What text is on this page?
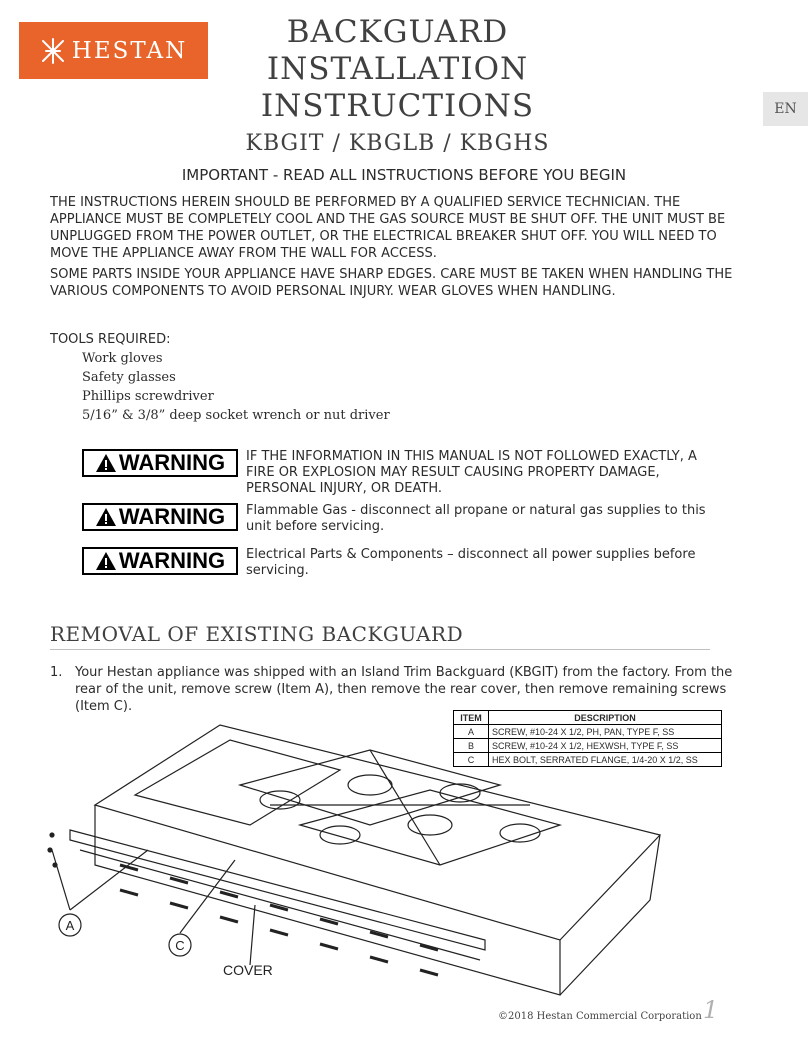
HESTAN
BACKGUARD
INSTALLATION
INSTRUCTIONS
KBGIT / KBGLB / KBGHS
EN
IMPORTANT - READ ALL INSTRUCTIONS BEFORE YOU BEGIN
THE INSTRUCTIONS HEREIN SHOULD BE PERFORMED BY A QUALIFIED SERVICE TECHNICIAN. THE APPLIANCE MUST BE COMPLETELY COOL AND THE GAS SOURCE MUST BE SHUT OFF. THE UNIT MUST BE UNPLUGGED FROM THE POWER OUTLET, OR THE ELECTRICAL BREAKER SHUT OFF. YOU WILL NEED TO MOVE THE APPLIANCE AWAY FROM THE WALL FOR ACCESS.
SOME PARTS INSIDE YOUR APPLIANCE HAVE SHARP EDGES. CARE MUST BE TAKEN WHEN HANDLING THE VARIOUS COMPONENTS TO AVOID PERSONAL INJURY. WEAR GLOVES WHEN HANDLING.
TOOLS REQUIRED:
Work gloves
Safety glasses
Phillips screwdriver
5/16” & 3/8” deep socket wrench or nut driver
WARNING IF THE INFORMATION IN THIS MANUAL IS NOT FOLLOWED EXACTLY, A FIRE OR EXPLOSION MAY RESULT CAUSING PROPERTY DAMAGE, PERSONAL INJURY, OR DEATH.
WARNING Flammable Gas - disconnect all propane or natural gas supplies to this unit before servicing.
WARNING Electrical Parts & Components – disconnect all power supplies before servicing.
REMOVAL OF EXISTING BACKGUARD
1. Your Hestan appliance was shipped with an Island Trim Backguard (KBGIT) from the factory. From the rear of the unit, remove screw (Item A), then remove the rear cover, then remove remaining screws (Item C).
A
C
COVER
ITEM	DESCRIPTION
A	SCREW, #10-24 X 1/2, PH, PAN, TYPE F, SS
B	SCREW, #10-24 X 1/2, HEXWSH, TYPE F, SS
C	HEX BOLT, SERRATED FLANGE, 1/4-20 X 1/2, SS
©2018 Hestan Commercial Corporation 1
